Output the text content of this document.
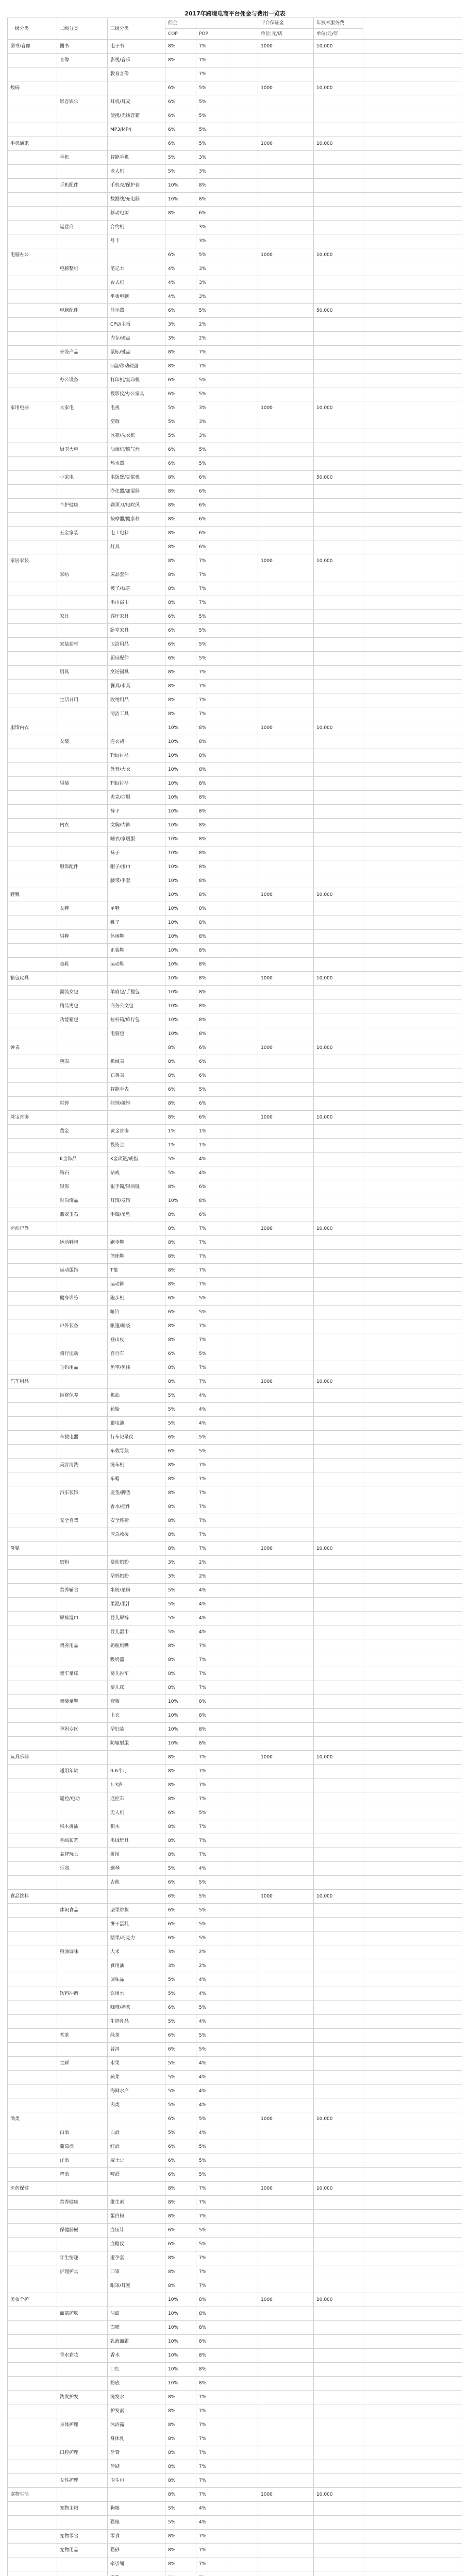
2017年跨境电商平台佣金与费用一览表
一级分类	二级分类	三级分类	佣金			平台保证金	年技术服务费	
			COP	POP		单位:元/店	单位:元/年	
图书/音像	图书	电子书	8%	7%		1000	10,000	
	音像	影视/音乐	8%	7%				
		教育音像		7%				
数码			6%	5%		1000	10,000	
	影音娱乐	耳机/耳麦	6%	5%				
		便携/无线音箱	6%	5%				
		MP3/MP4	6%	5%				
手机通讯			6%	5%		1000	10,000	
	手机	智能手机	5%	3%				
		老人机	5%	3%				
	手机配件	手机壳/保护套	10%	8%				
		数据线/充电器	10%	8%				
		移动电源	8%	6%				
	运营商	合约机		3%				
		号卡		3%				
电脑办公			6%	5%		1000	10,000	
	电脑整机	笔记本	4%	3%				
		台式机	4%	3%				
		平板电脑	4%	3%				
	电脑配件	显示器	6%	5%			50,000	
		CPU/主板	3%	2%				
		内存/硬盘	3%	2%				
	外设产品	鼠标/键盘	8%	7%				
		U盘/移动硬盘	8%	7%				
	办公设备	打印机/复印机	6%	5%				
		投影仪/办公家具	6%	5%				
家用电器	大家电	电视	5%	3%		1000	10,000	
		空调	5%	3%				
		冰箱/洗衣机	5%	3%				
	厨卫大电	油烟机/燃气灶	6%	5%				
		热水器	6%	5%				
	小家电	电饭煲/豆浆机	8%	6%			50,000	
		净化器/加湿器	8%	6%				
	个护健康	剃须刀/电吹风	8%	6%				
		按摩器/健康秤	8%	6%				
	五金家装	电工电料	8%	6%				
		灯具	8%	6%				
家居家装			8%	7%		1000	10,000	
	家纺	床品套件	8%	7%				
		被子/枕芯	8%	7%				
		毛巾浴巾	8%	7%				
	家具	客厅家具	6%	5%				
		卧室家具	6%	5%				
	家装建材	卫浴用品	6%	5%				
		厨房配件	6%	5%				
	厨具	烹饪锅具	8%	7%				
		餐具/水具	8%	7%				
	生活日用	收纳用品	8%	7%				
		清洁工具	8%	7%				
服饰内衣			10%	8%		1000	10,000	
	女装	连衣裙	10%	8%				
		T恤/衬衫	10%	8%				
		外套/大衣	10%	8%				
	男装	T恤/衬衫	10%	8%				
		夹克/西服	10%	8%				
		裤子	10%	8%				
	内衣	文胸/内裤	10%	8%				
		睡衣/家居服	10%	8%				
		袜子	10%	8%				
	服饰配件	帽子/围巾	10%	8%				
		腰带/手套	10%	8%				
鞋靴			10%	8%		1000	10,000	
	女鞋	单鞋	10%	8%				
		靴子	10%	8%				
	男鞋	休闲鞋	10%	8%				
		正装鞋	10%	8%				
	童鞋	运动鞋	10%	8%				
箱包皮具			10%	8%		1000	10,000	
	潮流女包	单肩包/手提包	10%	8%				
	精品男包	商务公文包	10%	8%				
	功能箱包	拉杆箱/旅行包	10%	8%				
		电脑包	10%	8%				
钟表			8%	6%		1000	10,000	
	腕表	机械表	8%	6%				
		石英表	8%	6%				
		智能手表	6%	5%				
	时钟	挂钟/闹钟	8%	6%				
珠宝首饰			8%	6%		1000	10,000	
	黄金	黄金首饰	1%	1%				
		投资金	1%	1%				
	K金饰品	K金项链/戒指	5%	4%				
	钻石	钻戒	5%	4%				
	银饰	银手镯/银项链	8%	6%				
	时尚饰品	耳饰/发饰	10%	8%				
	翡翠玉石	手镯/吊坠	8%	6%				
运动户外			8%	7%		1000	10,000	
	运动鞋包	跑步鞋	8%	7%				
		篮球鞋	8%	7%				
	运动服饰	T恤	8%	7%				
		运动裤	8%	7%				
	健身训练	跑步机	6%	5%				
		哑铃	6%	5%				
	户外装备	帐篷/睡袋	8%	7%				
		登山杖	8%	7%				
	骑行运动	自行车	6%	5%				
	垂钓用品	鱼竿/鱼线	8%	7%				
汽车用品			8%	7%		1000	10,000	
	维修保养	机油	5%	4%				
		轮胎	5%	4%				
		蓄电池	5%	4%				
	车载电器	行车记录仪	6%	5%				
		车载导航	6%	5%				
	美容清洗	洗车机	8%	7%				
		车蜡	8%	7%				
	汽车装饰	座垫/脚垫	8%	7%				
		香水/挂件	8%	7%				
	安全自驾	安全座椅	8%	7%				
		应急救援	8%	7%				
母婴			8%	7%		1000	10,000	
	奶粉	婴幼奶粉	3%	2%				
		孕妈奶粉	3%	2%				
	营养辅食	米粉/菜粉	5%	4%				
		果泥/果汁	5%	4%				
	尿裤湿巾	婴儿尿裤	5%	4%				
		婴儿湿巾	5%	4%				
	喂养用品	奶瓶奶嘴	8%	7%				
		吸奶器	8%	7%				
	童车童床	婴儿推车	8%	7%				
		婴儿床	8%	7%				
	童装童鞋	套装	10%	8%				
		上衣	10%	8%				
	孕妈专区	孕妇装	10%	8%				
		防辐射服	10%	8%				
玩具乐器			8%	7%		1000	10,000	
	适用年龄	0-6个月	8%	7%				
		1-3岁	8%	7%				
	遥控/电动	遥控车	8%	7%				
		无人机	6%	5%				
	积木拼插	积木	8%	7%				
	毛绒布艺	毛绒玩具	8%	7%				
	益智玩具	拼图	8%	7%				
	乐器	钢琴	5%	4%				
		吉他	6%	5%				
食品饮料			6%	5%		1000	10,000	
	休闲食品	坚果炒货	6%	5%				
		饼干蛋糕	6%	5%				
		糖果/巧克力	6%	5%				
	粮油调味	大米	3%	2%				
		食用油	3%	2%				
		调味品	5%	4%				
	饮料冲调	饮用水	5%	4%				
		咖啡/奶茶	6%	5%				
		牛奶乳品	5%	4%				
	茗茶	绿茶	6%	5%				
		普洱	6%	5%				
	生鲜	水果	5%	4%				
		蔬菜	5%	4%				
		海鲜水产	5%	4%				
		肉类	5%	4%				
酒类			6%	5%		1000	10,000	
	白酒	白酒	5%	4%				
	葡萄酒	红酒	6%	5%				
	洋酒	威士忌	6%	5%				
	啤酒	啤酒	6%	5%				
医药保健			8%	7%		1000	10,000	
	营养健康	维生素	8%	7%				
		蛋白粉	8%	7%				
	保健器械	血压计	6%	5%				
		血糖仪	6%	5%				
	计生情趣	避孕套	8%	7%				
	护理护具	口罩	8%	7%				
		眼罩/耳塞	8%	7%				
美妆个护			10%	8%		1000	10,000	
	面部护肤	洁面	10%	8%				
		面膜	10%	8%				
		乳液面霜	10%	8%				
	香水彩妆	香水	10%	8%				
		口红	10%	8%				
		粉底	10%	8%				
	洗发护发	洗发水	8%	7%				
		护发素	8%	7%				
	身体护理	沐浴露	8%	7%				
		身体乳	8%	7%				
	口腔护理	牙膏	8%	7%				
		牙刷	8%	7%				
	女性护理	卫生巾	8%	7%				
宠物生活			8%	7%		1000	10,000	
	宠物主粮	狗粮	5%	4%				
		猫粮	5%	4%				
	宠物零食	零食	8%	7%				
	宠物用品	猫砂	8%	7%				
		牵引绳	8%	7%				
